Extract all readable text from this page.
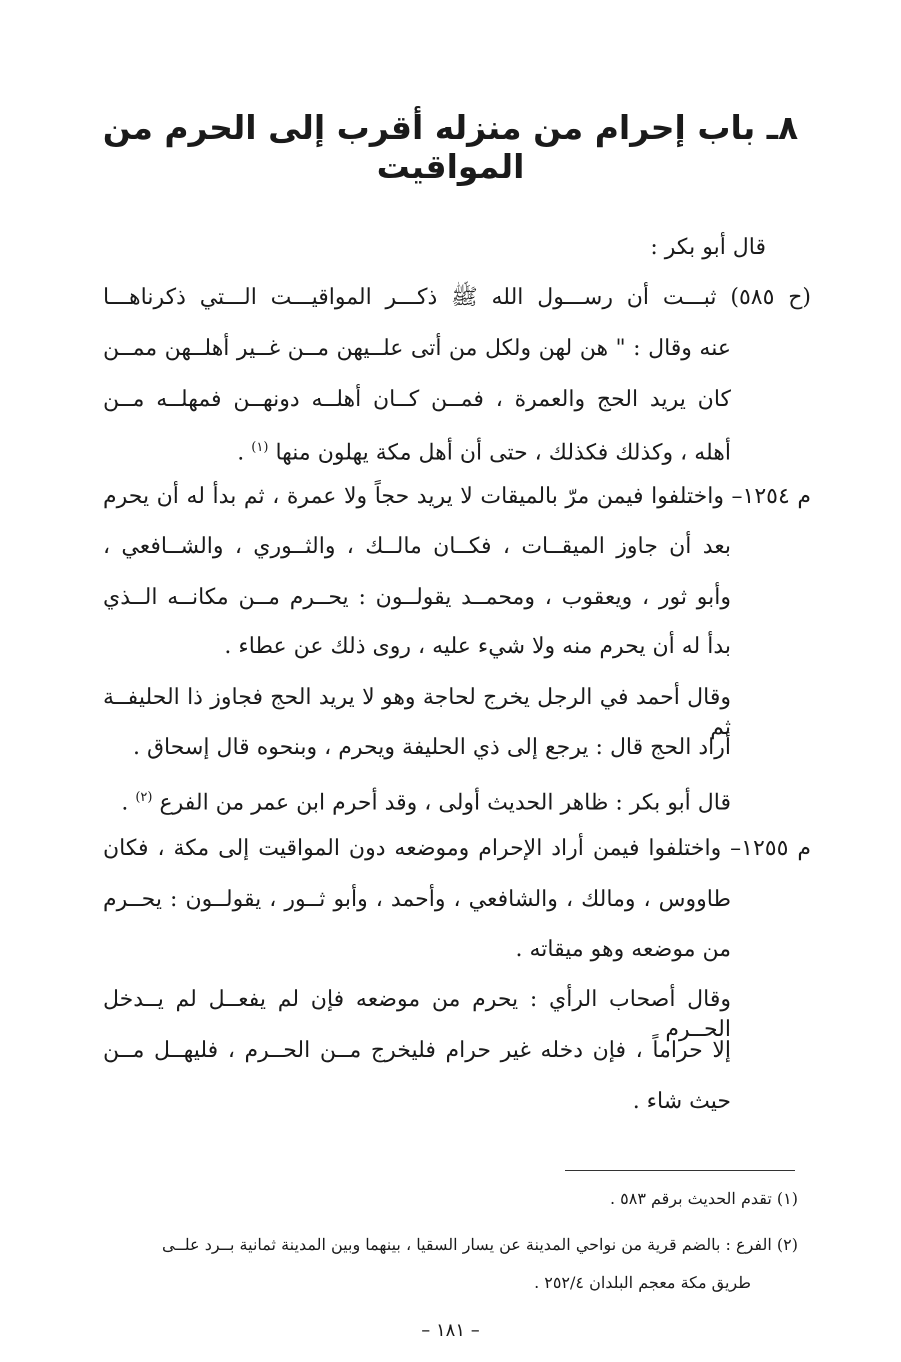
٨ـ باب إحرام من منزله أقرب إلى الحرم من المواقيت

قال أبو بكر :

(ح ٥٨٥) ثبـــت أن رســـول الله ﷺ ذكـــر المواقيـــت الـــتي ذكرناهـــا

عنه وقال : " هن لهن ولكل من أتى علــيهن مــن غــير أهلــهن ممــن

كان يريد الحج والعمرة ، فمــن كــان أهلــه دونهــن فمهلــه مــن

أهله ، وكذلك فكذلك ، حتى أن أهل مكة يهلون منها $^{(١)}$ .

م ١٢٥٤– واختلفوا فيمن مرّ بالميقات لا يريد حجاً ولا عمرة ، ثم بدأ له أن يحرم

بعد أن جاوز الميقــات ، فكــان مالــك ، والثــوري ، والشــافعي ،

وأبو ثور ، ويعقوب ، ومحمــد يقولــون : يحــرم مــن مكانــه الــذي

بدأ له أن يحرم منه ولا شيء عليه ، روى ذلك عن عطاء .

وقال أحمد في الرجل يخرج لحاجة وهو لا يريد الحج فجاوز ذا الحليفــة ثم

أراد الحج قال : يرجع إلى ذي الحليفة ويحرم ، وبنحوه قال إسحاق .

قال أبو بكر : ظاهر الحديث أولى ، وقد أحرم ابن عمر من الفرع $^{(٢)}$ .

م ١٢٥٥– واختلفوا فيمن أراد الإحرام وموضعه دون المواقيت إلى مكة ، فكان

طاووس ، ومالك ، والشافعي ، وأحمد ، وأبو ثــور ، يقولــون : يحــرم

من موضعه وهو ميقاته .

وقال أصحاب الرأي : يحرم من موضعه فإن لم يفعــل لم يــدخل الحــرم

إلا حراماً ، فإن دخله غير حرام فليخرج مــن الحــرم ، فليهــل مــن

حيث شاء .

(١) تقدم الحديث برقم ٥٨٣ .

(٢) الفرع : بالضم قرية من نواحي المدينة عن يسار السقيا ، بينهما وبين المدينة ثمانية بــرد علــى

طريق مكة معجم البلدان ٢٥٢/٤ .

– ١٨١ –
